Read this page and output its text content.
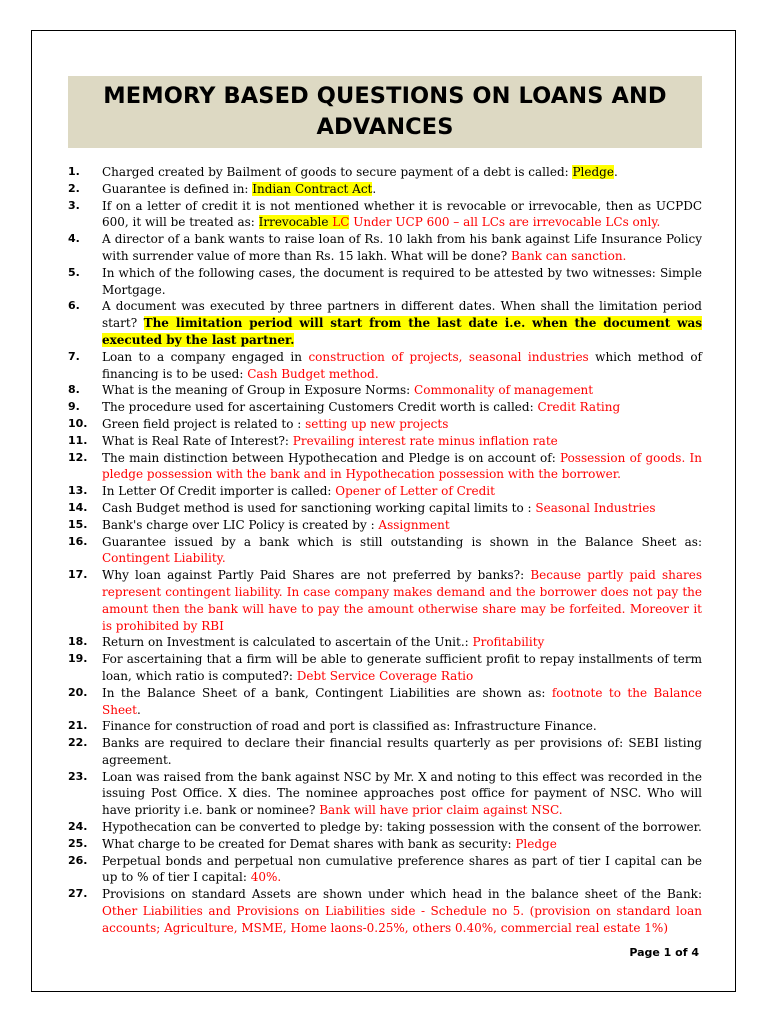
MEMORY BASED QUESTIONS ON LOANS AND ADVANCES
1. Charged created by Bailment of goods to secure payment of a debt is called: Pledge.
2. Guarantee is defined in: Indian Contract Act.
3. If on a letter of credit it is not mentioned whether it is revocable or irrevocable, then as UCPDC 600, it will be treated as: Irrevocable LC Under UCP 600 – all LCs are irrevocable LCs only.
4. A director of a bank wants to raise loan of Rs. 10 lakh from his bank against Life Insurance Policy with surrender value of more than Rs. 15 lakh. What will be done? Bank can sanction.
5. In which of the following cases, the document is required to be attested by two witnesses: Simple Mortgage.
6. A document was executed by three partners in different dates. When shall the limitation period start? The limitation period will start from the last date i.e. when the document was executed by the last partner.
7. Loan to a company engaged in construction of projects, seasonal industries which method of financing is to be used: Cash Budget method.
8. What is the meaning of Group in Exposure Norms: Commonality of management
9. The procedure used for ascertaining Customers Credit worth is called: Credit Rating
10. Green field project is related to : setting up new projects
11. What is Real Rate of Interest?: Prevailing interest rate minus inflation rate
12. The main distinction between Hypothecation and Pledge is on account of: Possession of goods. In pledge possession with the bank and in Hypothecation possession with the borrower.
13. In Letter Of Credit importer is called: Opener of Letter of Credit
14. Cash Budget method is used for sanctioning working capital limits to : Seasonal Industries
15. Bank's charge over LIC Policy is created by : Assignment
16. Guarantee issued by a bank which is still outstanding is shown in the Balance Sheet as: Contingent Liability.
17. Why loan against Partly Paid Shares are not preferred by banks?: Because partly paid shares represent contingent liability. In case company makes demand and the borrower does not pay the amount then the bank will have to pay the amount otherwise share may be forfeited. Moreover it is prohibited by RBI
18. Return on Investment is calculated to ascertain of the Unit.: Profitability
19. For ascertaining that a firm will be able to generate sufficient profit to repay installments of term loan, which ratio is computed?: Debt Service Coverage Ratio
20. In the Balance Sheet of a bank, Contingent Liabilities are shown as: footnote to the Balance Sheet.
21. Finance for construction of road and port is classified as: Infrastructure Finance.
22. Banks are required to declare their financial results quarterly as per provisions of: SEBI listing agreement.
23. Loan was raised from the bank against NSC by Mr. X and noting to this effect was recorded in the issuing Post Office. X dies. The nominee approaches post office for payment of NSC. Who will have priority i.e. bank or nominee? Bank will have prior claim against NSC.
24. Hypothecation can be converted to pledge by: taking possession with the consent of the borrower.
25. What charge to be created for Demat shares with bank as security: Pledge
26. Perpetual bonds and perpetual non cumulative preference shares as part of tier I capital can be up to % of tier I capital: 40%.
27. Provisions on standard Assets are shown under which head in the balance sheet of the Bank: Other Liabilities and Provisions on Liabilities side - Schedule no 5. (provision on standard loan accounts; Agriculture, MSME, Home laons-0.25%, others 0.40%, commercial real estate 1%)
Page 1 of 4
